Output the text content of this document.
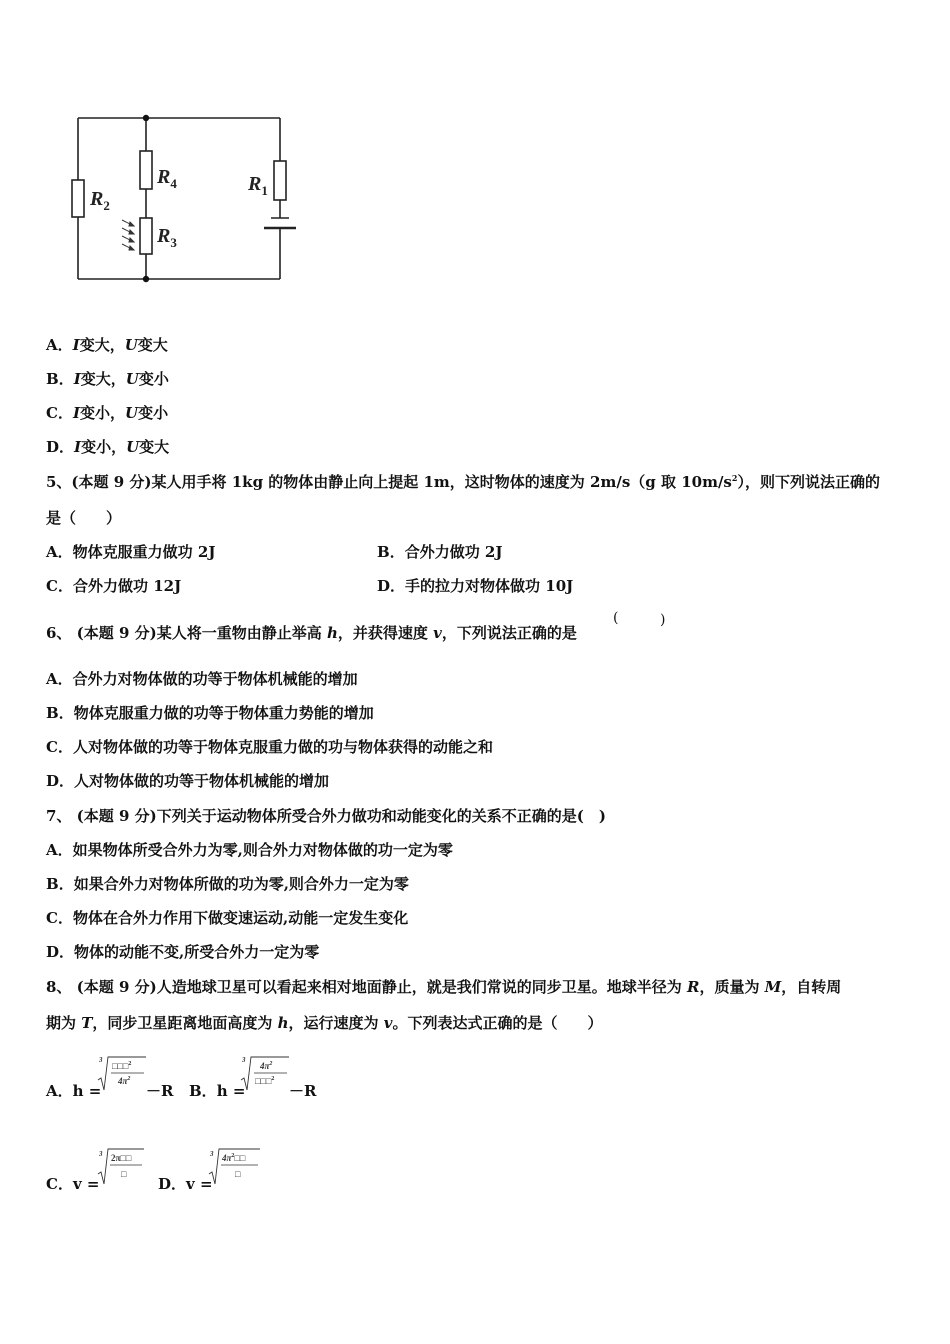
$R_2$
$R_4$
$R_3$
$R_1$
A．I变大，U变大
B．I变大，U变小
C．I变小，U变小
D．I变小，U变大
5、(本题 9 分)某人用手将 1kg 的物体由静止向上提起 1m，这时物体的速度为 2m/s（g 取 $10m/s^2$），则下列说法正确的
是（　　）
A．物体克服重力做功 2J	B．合外力做功 2J
C．合外力做功 12J	D．手的拉力对物体做功 10J
6、 (本题 9 分)某人将一重物由静止举高 h，并获得速度 v，下列说法正确的是
(	)
A．合外力对物体做的功等于物体机械能的增加
B．物体克服重力做的功等于物体重力势能的增加
C．人对物体做的功等于物体克服重力做的功与物体获得的动能之和
D．人对物体做的功等于物体机械能的增加
7、 (本题 9 分)下列关于运动物体所受合外力做功和动能变化的关系不正确的是(　)
A．如果物体所受合外力为零,则合外力对物体做的功一定为零
B．如果合外力对物体所做的功为零,则合外力一定为零
C．物体在合外力作用下做变速运动,动能一定发生变化
D．物体的动能不变,所受合外力一定为零
8、 (本题 9 分)人造地球卫星可以看起来相对地面静止，就是我们常说的同步卫星。地球半径为 R，质量为 M，自转周
期为 T，同步卫星距离地面高度为 h，运行速度为 v。下列表达式正确的是（　　）
A．h =
3
□□□$^2$
$4\pi^2$
－R B．h =
3
$4\pi^2$
□□□$^2$
－R
C．v =
3 2π□□
□
D．v =
3 $4\pi^2□□$
□
